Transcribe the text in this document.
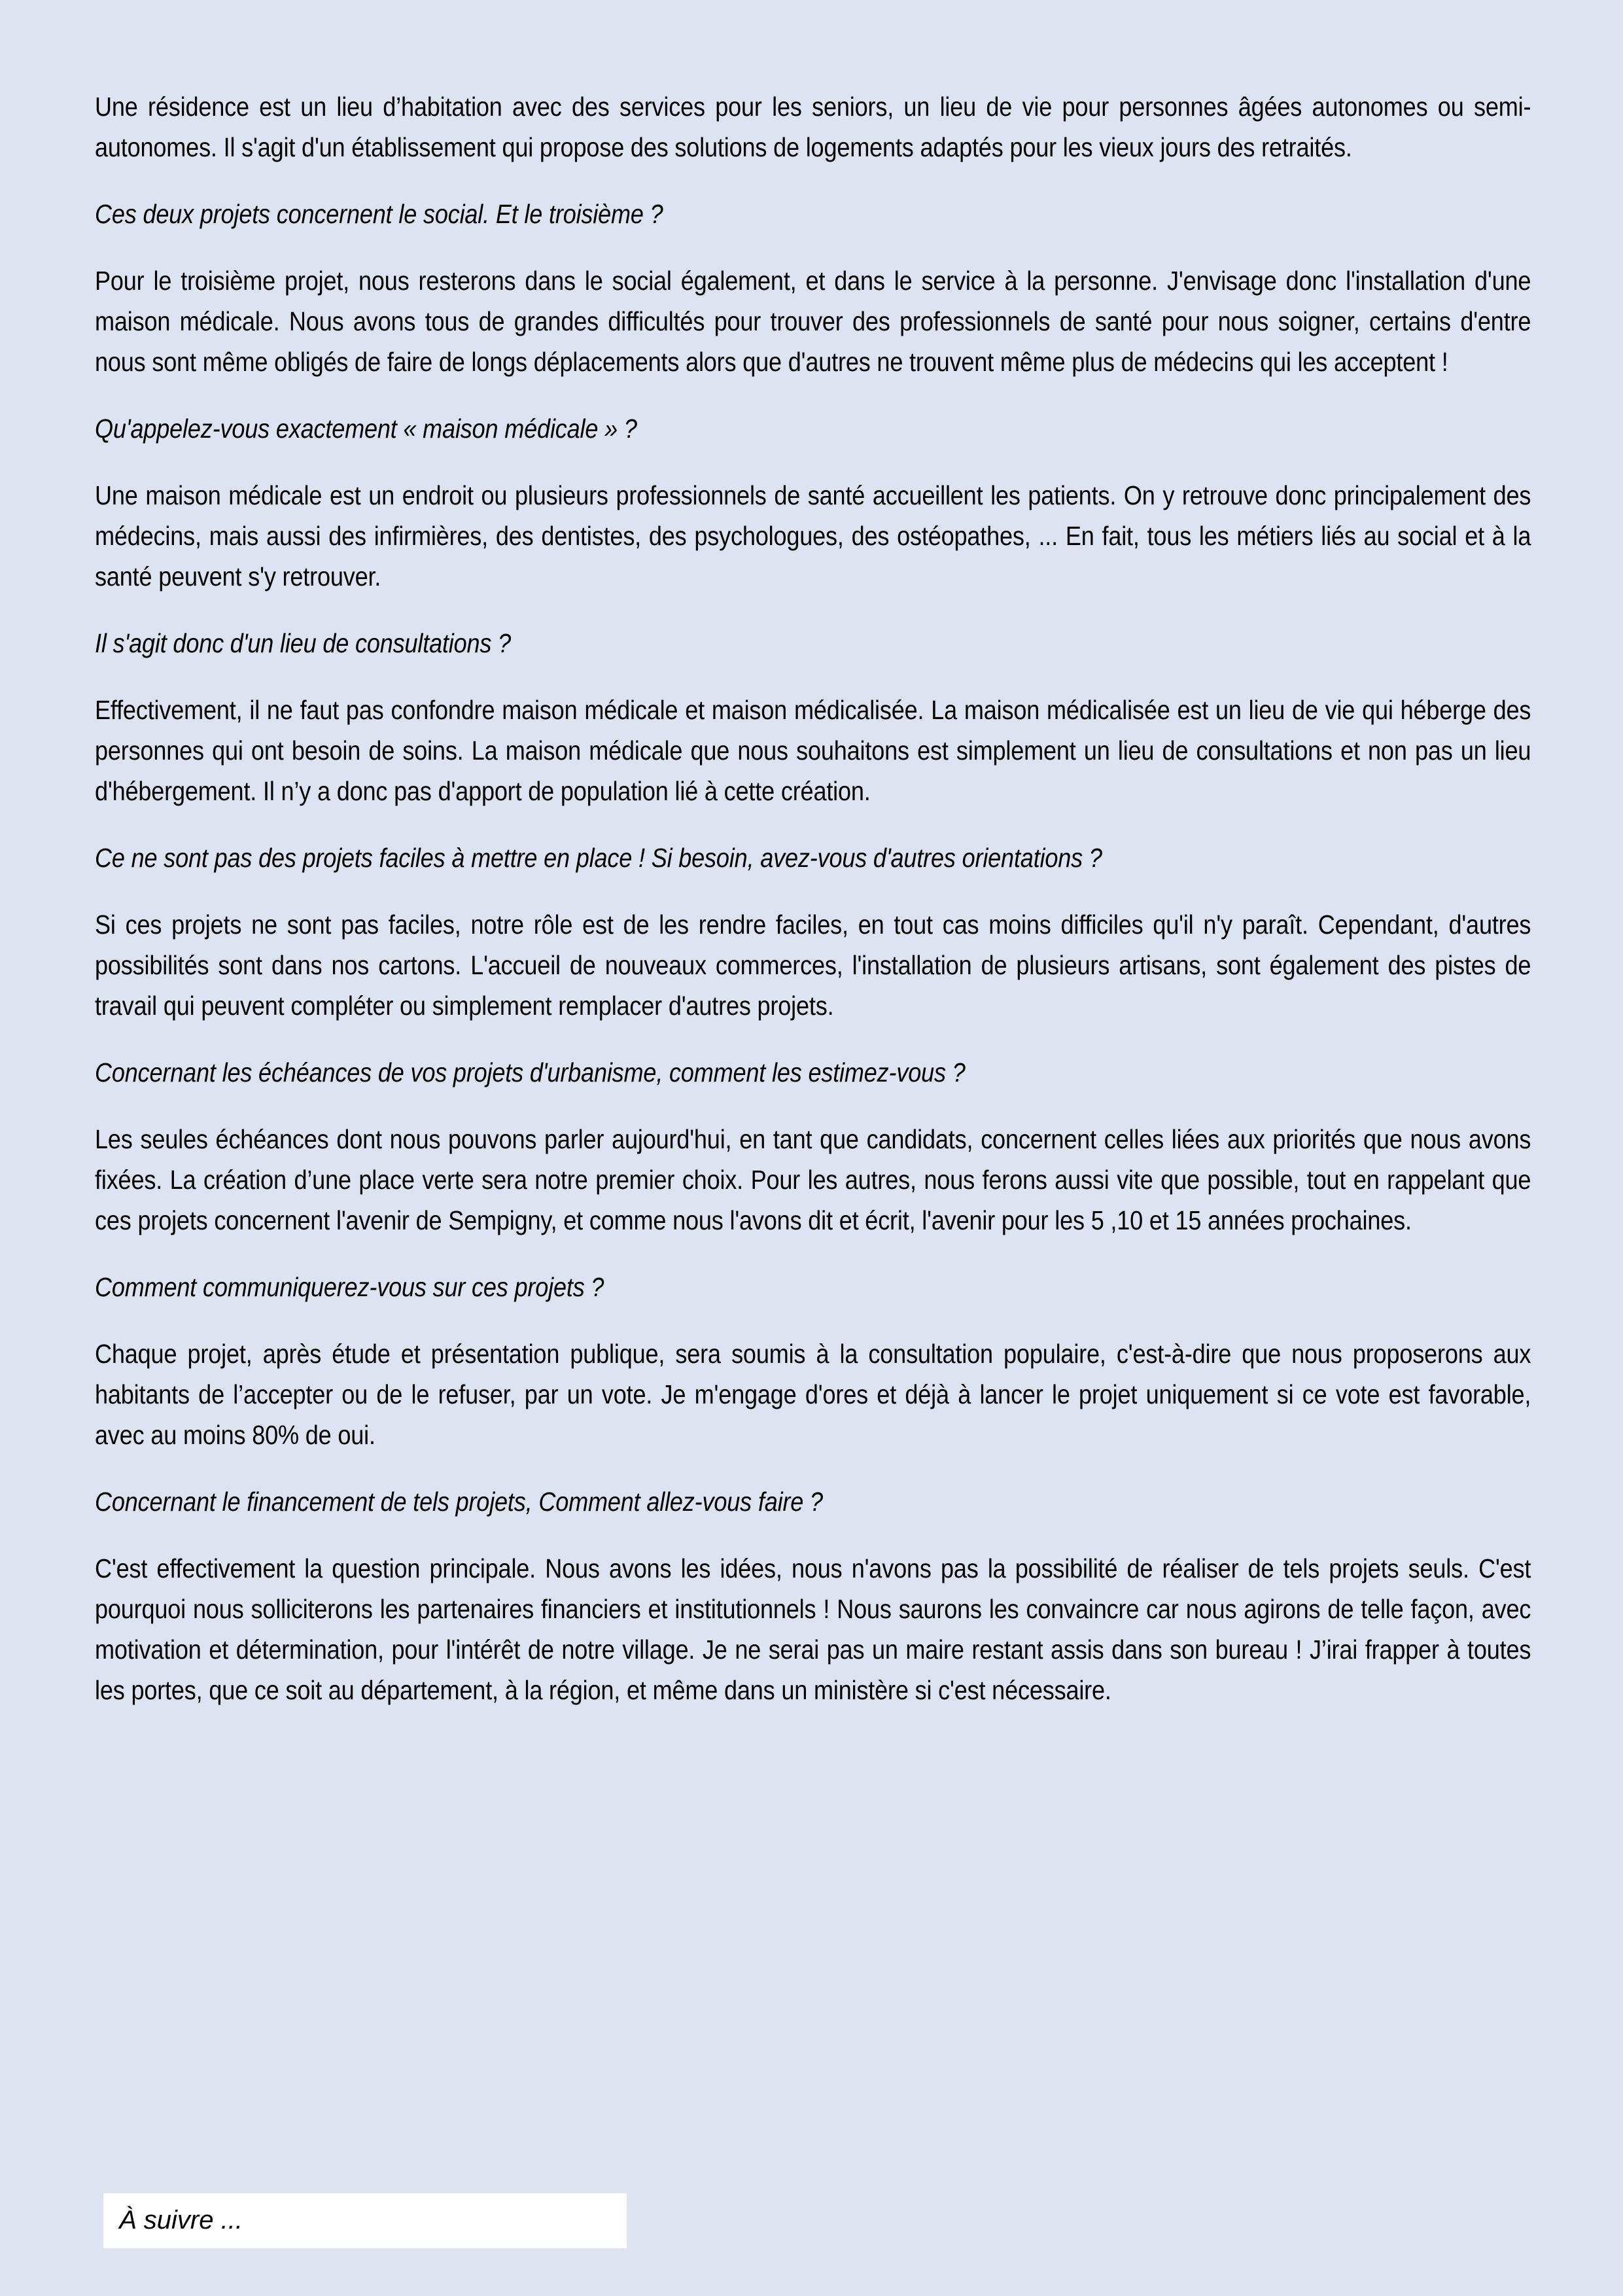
Une résidence est un lieu d’habitation avec des services pour les seniors, un lieu de vie pour personnes âgées autonomes ou semi-autonomes. Il s'agit d'un établissement qui propose des solutions de logements adaptés pour les vieux jours des retraités.

Ces deux projets concernent le social. Et le troisième ?

Pour le troisième projet, nous resterons dans le social également, et dans le service à la personne. J'envisage donc l'installation d'une maison médicale. Nous avons tous de grandes difficultés pour trouver des professionnels de santé pour nous soigner, certains d'entre nous sont même obligés de faire de longs déplacements alors que d'autres ne trouvent même plus de médecins qui les acceptent !

Qu'appelez-vous exactement « maison médicale » ?

Une maison médicale est un endroit ou plusieurs professionnels de santé accueillent les patients. On y retrouve donc principalement des médecins, mais aussi des infirmières, des dentistes, des psychologues, des ostéopathes, ... En fait, tous les métiers liés au social et à la santé peuvent s'y retrouver.

Il s'agit donc d'un lieu de consultations ?

Effectivement, il ne faut pas confondre maison médicale et maison médicalisée. La maison médicalisée est un lieu de vie qui héberge des personnes qui ont besoin de soins. La maison médicale que nous souhaitons est simplement un lieu de consultations et non pas un lieu d'hébergement. Il n’y a donc pas d'apport de population lié à cette création.

Ce ne sont pas des projets faciles à mettre en place ! Si besoin, avez-vous d'autres orientations ?

Si ces projets ne sont pas faciles, notre rôle est de les rendre faciles, en tout cas moins difficiles qu'il n'y paraît. Cependant, d'autres possibilités sont dans nos cartons. L'accueil de nouveaux commerces, l'installation de plusieurs artisans, sont également des pistes de travail qui peuvent compléter ou simplement remplacer d'autres projets.

Concernant les échéances de vos projets d'urbanisme, comment les estimez-vous ?

Les seules échéances dont nous pouvons parler aujourd'hui, en tant que candidats, concernent celles liées aux priorités que nous avons fixées. La création d’une place verte sera notre premier choix. Pour les autres, nous ferons aussi vite que possible, tout en rappelant que ces projets concernent l'avenir de Sempigny, et comme nous l'avons dit et écrit, l'avenir pour les 5 ,10 et 15 années prochaines.

Comment communiquerez-vous sur ces projets ?

Chaque projet, après étude et présentation publique, sera soumis à la consultation populaire, c'est-à-dire que nous proposerons aux habitants de l’accepter ou de le refuser, par un vote. Je m'engage d'ores et déjà à lancer le projet uniquement si ce vote est favorable, avec au moins 80% de oui.

Concernant le financement de tels projets, Comment allez-vous faire ?

C'est effectivement la question principale. Nous avons les idées, nous n'avons pas la possibilité de réaliser de tels projets seuls. C'est pourquoi nous solliciterons les partenaires financiers et institutionnels ! Nous saurons les convaincre car nous agirons de telle façon, avec motivation et détermination, pour l'intérêt de notre village. Je ne serai pas un maire restant assis dans son bureau ! J’irai frapper à toutes les portes, que ce soit au département, à la région, et même dans un ministère si c'est nécessaire.

À suivre ...
